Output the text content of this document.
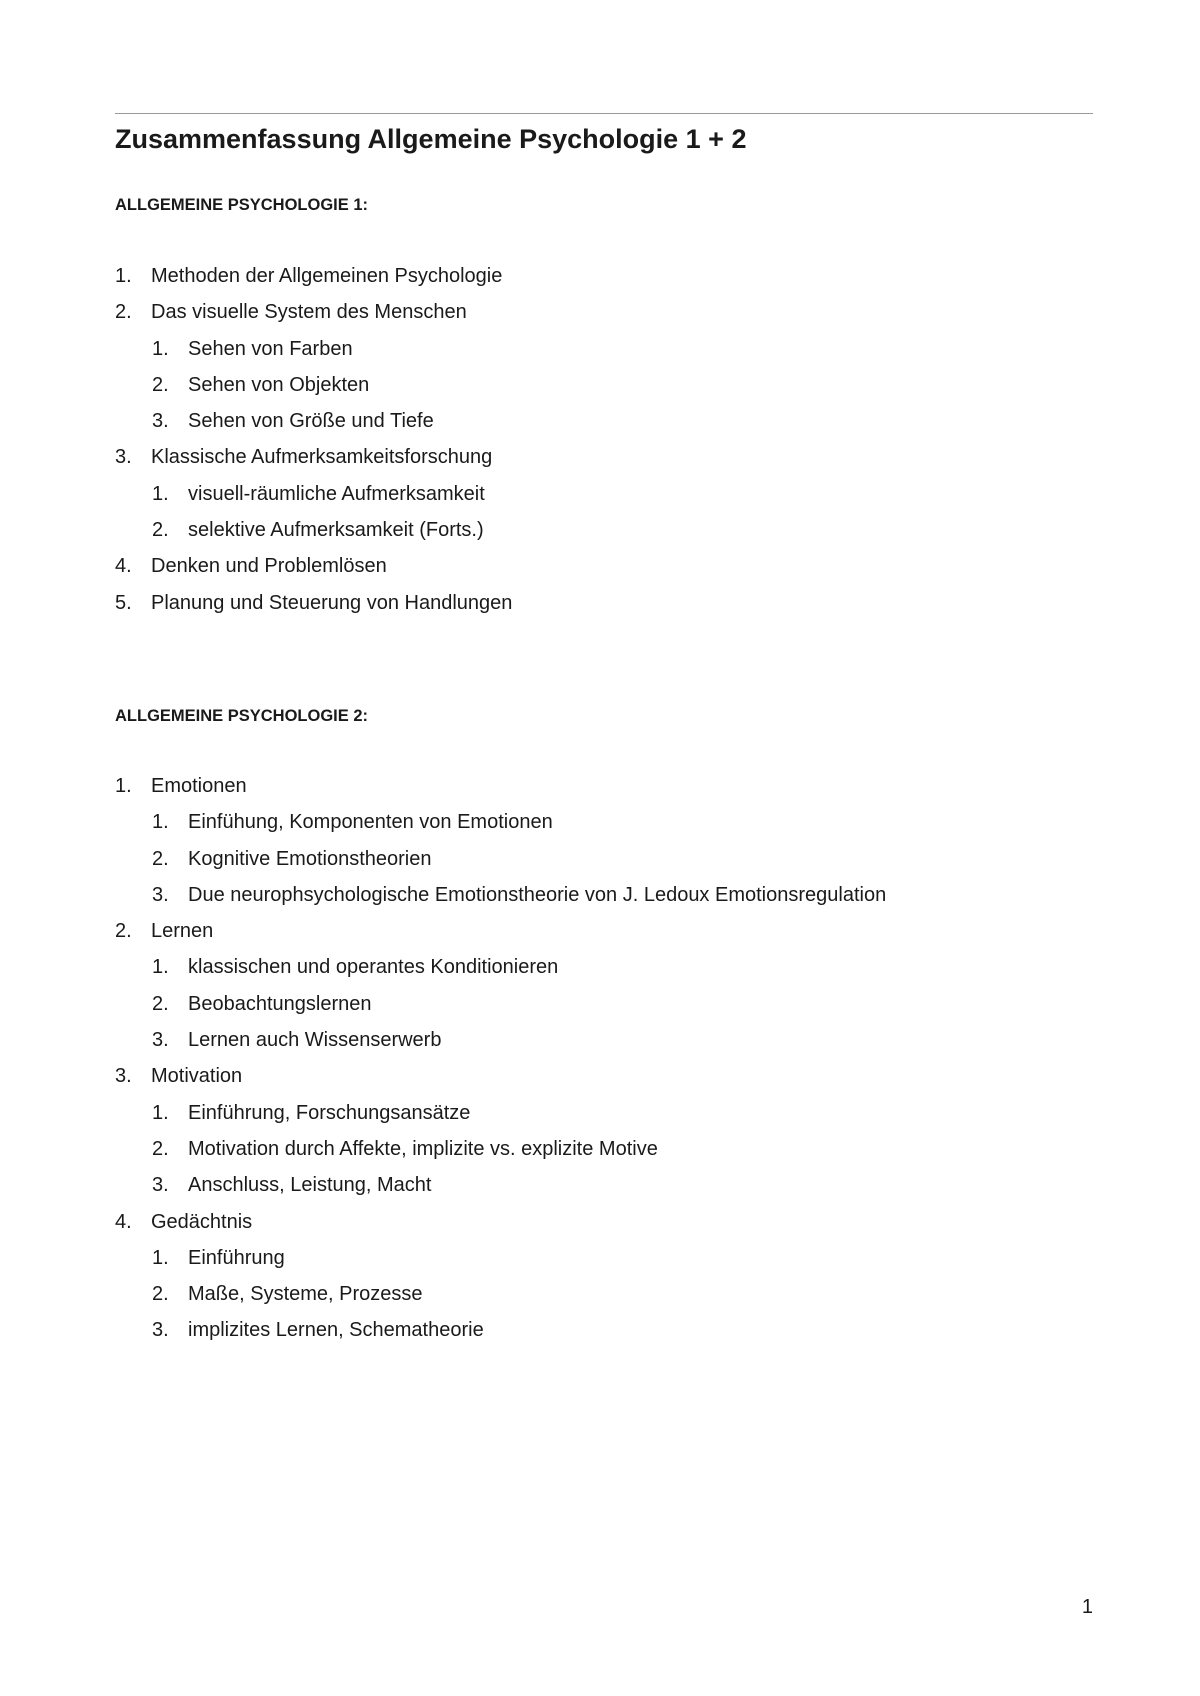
Zusammenfassung Allgemeine Psychologie 1 + 2
ALLGEMEINE PSYCHOLOGIE 1:
1. Methoden der Allgemeinen Psychologie
2. Das visuelle System des Menschen
1. Sehen von Farben
2. Sehen von Objekten
3. Sehen von Größe und Tiefe
3. Klassische Aufmerksamkeitsforschung
1. visuell-räumliche Aufmerksamkeit
2. selektive Aufmerksamkeit (Forts.)
4. Denken und Problemlösen
5. Planung und Steuerung von Handlungen
ALLGEMEINE PSYCHOLOGIE 2:
1. Emotionen
1. Einfühung, Komponenten von Emotionen
2. Kognitive Emotionstheorien
3. Due neurophsychologische Emotionstheorie von J. Ledoux Emotionsregulation
2. Lernen
1. klassischen und operantes Konditionieren
2. Beobachtungslernen
3. Lernen auch Wissenserwerb
3. Motivation
1. Einführung, Forschungsansätze
2. Motivation durch Affekte, implizite vs. explizite Motive
3. Anschluss, Leistung, Macht
4. Gedächtnis
1. Einführung
2. Maße, Systeme, Prozesse
3. implizites Lernen, Schematheorie
1
